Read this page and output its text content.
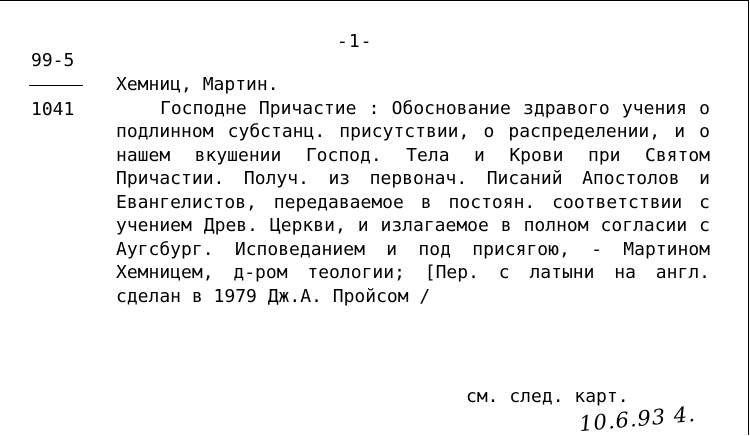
-1-
99-5
1041

Хемниц, Мартин.

Господне Причастие : Обоснование здравого учения о подлинном субстанц. присутствии, о распределении, и о нашем вкушении Господ. Тела и Крови при Святом Причастии. Получ. из первонач. Писаний Апостолов и Евангелистов, передаваемое в постоян. соответствии с учением Древ. Церкви, и излагаемое в полном согласии с Аугсбург. Исповеданием и под присягою, - Мартином Хемницем, д-ром теологии; [Пер. с латыни на англ. сделан в 1979 Дж.А. Пройсом /

см. след. карт.
10.6.93 4.
